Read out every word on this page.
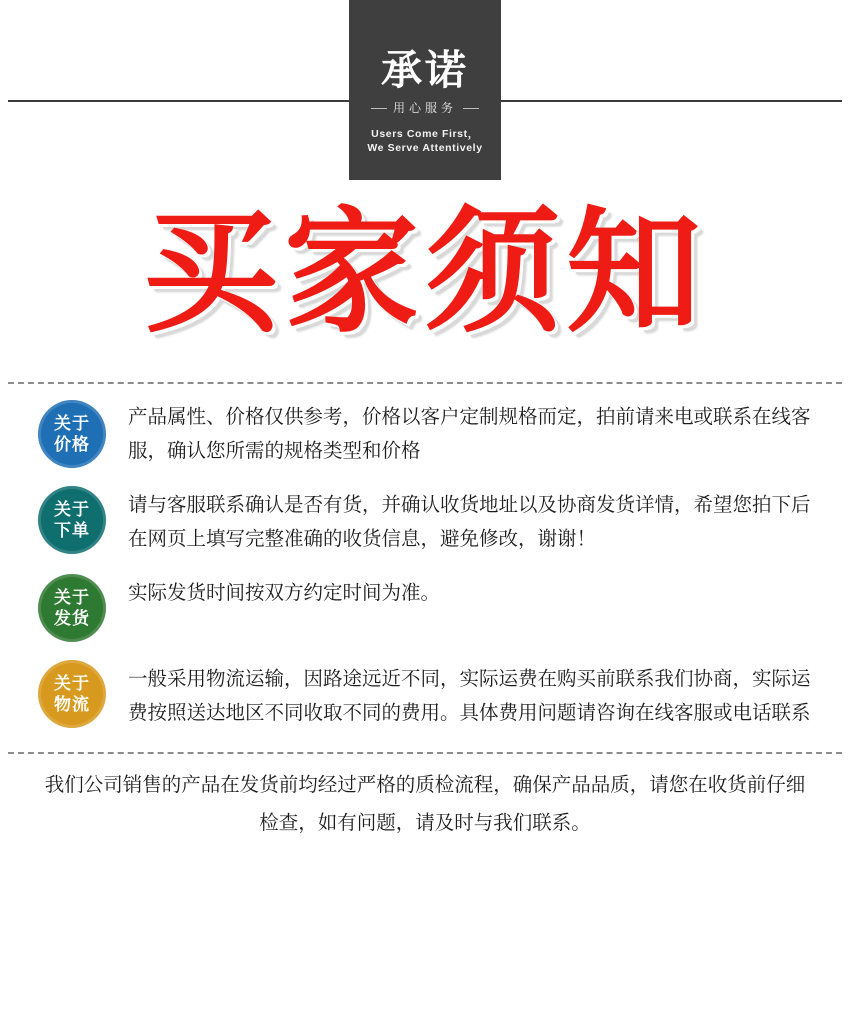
承诺
用心服务
Users Come First，
We Serve Attentively
买家须知
关于
价格
产品属性、价格仅供参考，价格以客户定制规格而定，拍前请来电或联系在线客服，确认您所需的规格类型和价格
关于
下单
请与客服联系确认是否有货，并确认收货地址以及协商发货详情，希望您拍下后在网页上填写完整准确的收货信息，避免修改，谢谢！
关于
发货
实际发货时间按双方约定时间为准。
关于
物流
一般采用物流运输，因路途远近不同，实际运费在购买前联系我们协商，实际运费按照送达地区不同收取不同的费用。具体费用问题请咨询在线客服或电话联系
我们公司销售的产品在发货前均经过严格的质检流程，确保产品品质，请您在收货前仔细检查，如有问题，请及时与我们联系。
